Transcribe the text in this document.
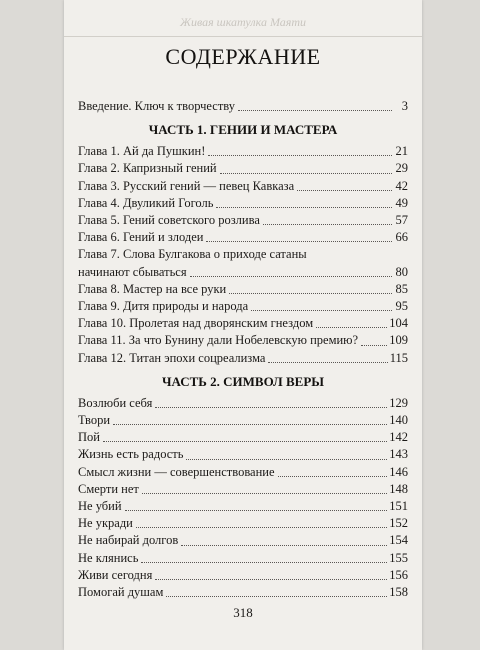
Живая шкатулка Маяти
СОДЕРЖАНИЕ
Введение. Ключ к творчеству	3
ЧАСТЬ 1. ГЕНИИ И МАСТЕРА
Глава 1. Ай да Пушкин!	21
Глава 2. Капризный гений	29
Глава 3. Русский гений — певец Кавказа	42
Глава 4. Двуликий Гоголь	49
Глава 5. Гений советского розлива	57
Глава 6. Гений и злодеи	66
Глава 7. Слова Булгакова о приходе сатаны
начинают сбываться	80
Глава 8. Мастер на все руки	85
Глава 9. Дитя природы и народа	95
Глава 10. Пролетая над дворянским гнездом	104
Глава 11. За что Бунину дали Нобелевскую премию? 109
Глава 12. Титан эпохи соцреализма	115
ЧАСТЬ 2. СИМВОЛ ВЕРЫ
Возлюби себя	129
Твори	140
Пой	142
Жизнь есть радость	143
Смысл жизни — совершенствование	146
Смерти нет	148
Не убий	151
Не укради	152
Не набирай долгов	154
Не клянись	155
Живи сегодня	156
Помогай душам	158
318
